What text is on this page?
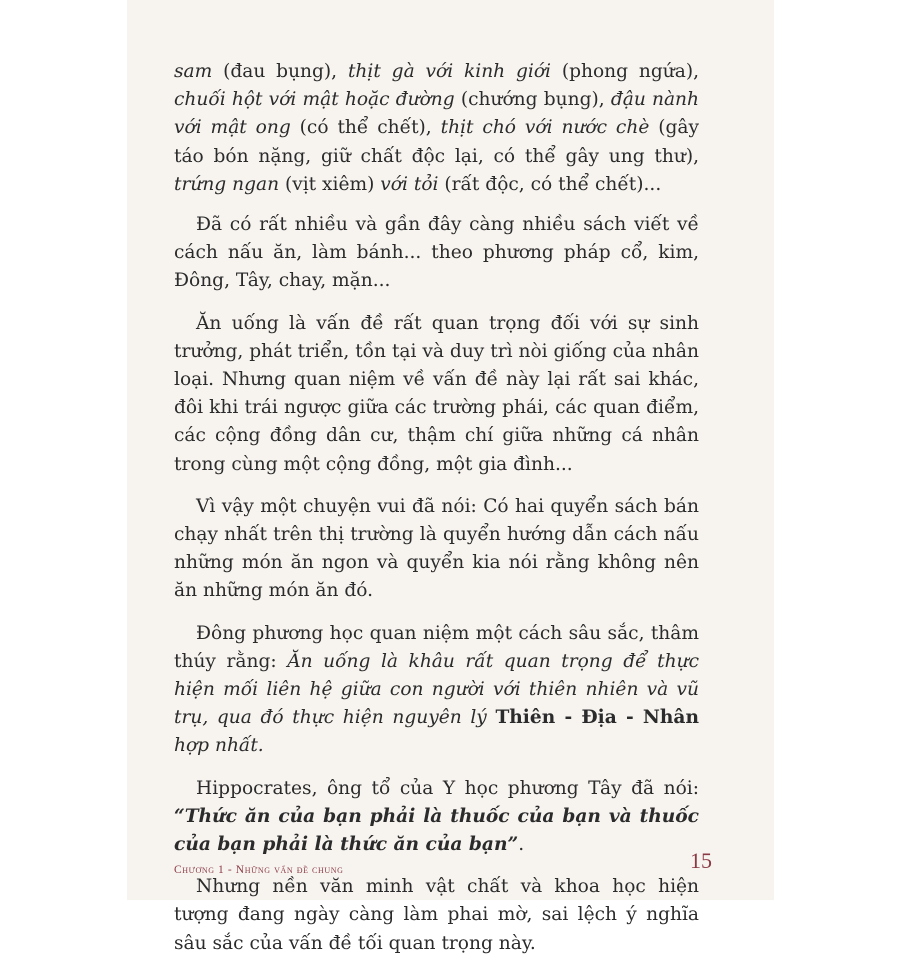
sam (đau bụng), thịt gà với kinh giới (phong ngứa), chuối hột với mật hoặc đường (chướng bụng), đậu nành với mật ong (có thể chết), thịt chó với nước chè (gây táo bón nặng, giữ chất độc lại, có thể gây ung thư), trứng ngan (vịt xiêm) với tỏi (rất độc, có thể chết)...

Đã có rất nhiều và gần đây càng nhiều sách viết về cách nấu ăn, làm bánh... theo phương pháp cổ, kim, Đông, Tây, chay, mặn...

Ăn uống là vấn đề rất quan trọng đối với sự sinh trưởng, phát triển, tồn tại và duy trì nòi giống của nhân loại. Nhưng quan niệm về vấn đề này lại rất sai khác, đôi khi trái ngược giữa các trường phái, các quan điểm, các cộng đồng dân cư, thậm chí giữa những cá nhân trong cùng một cộng đồng, một gia đình...

Vì vậy một chuyện vui đã nói: Có hai quyển sách bán chạy nhất trên thị trường là quyển hướng dẫn cách nấu những món ăn ngon và quyển kia nói rằng không nên ăn những món ăn đó.

Đông phương học quan niệm một cách sâu sắc, thâm thúy rằng: Ăn uống là khâu rất quan trọng để thực hiện mối liên hệ giữa con người với thiên nhiên và vũ trụ, qua đó thực hiện nguyên lý Thiên - Địa - Nhân hợp nhất.

Hippocrates, ông tổ của Y học phương Tây đã nói: “Thức ăn của bạn phải là thuốc của bạn và thuốc của bạn phải là thức ăn của bạn”.

Nhưng nền văn minh vật chất và khoa học hiện tượng đang ngày càng làm phai mờ, sai lệch ý nghĩa sâu sắc của vấn đề tối quan trọng này.

Chương 1 - Những vấn đề chung	15
